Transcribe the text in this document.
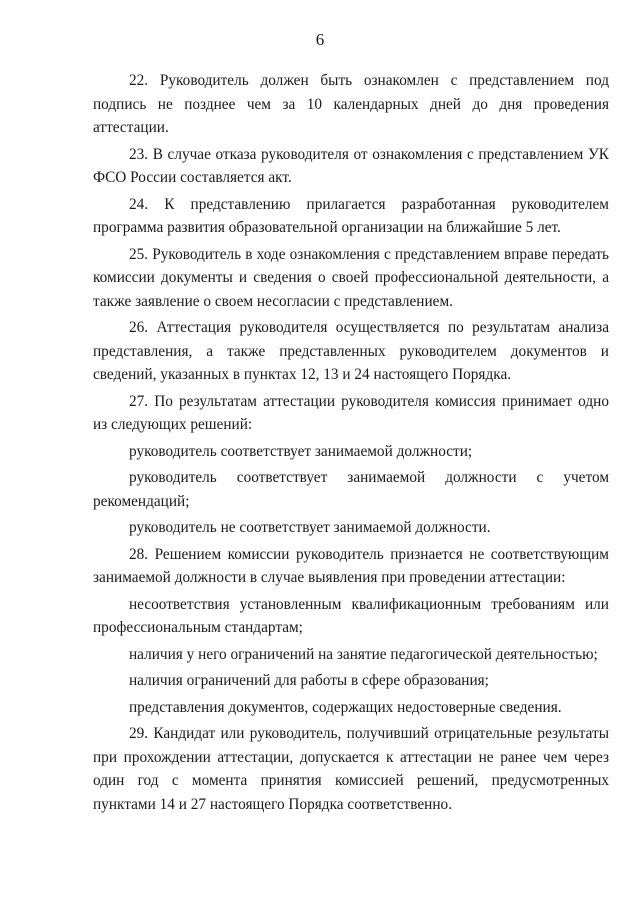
6

22. Руководитель должен быть ознакомлен с представлением под подпись не позднее чем за 10 календарных дней до дня проведения аттестации.

23. В случае отказа руководителя от ознакомления с представлением УК ФСО России составляется акт.

24. К представлению прилагается разработанная руководителем программа развития образовательной организации на ближайшие 5 лет.

25. Руководитель в ходе ознакомления с представлением вправе передать комиссии документы и сведения о своей профессиональной деятельности, а также заявление о своем несогласии с представлением.

26. Аттестация руководителя осуществляется по результатам анализа представления, а также представленных руководителем документов и сведений, указанных в пунктах 12, 13 и 24 настоящего Порядка.

27. По результатам аттестации руководителя комиссия принимает одно из следующих решений:

руководитель соответствует занимаемой должности;

руководитель соответствует занимаемой должности с учетом рекомендаций;

руководитель не соответствует занимаемой должности.

28. Решением комиссии руководитель признается не соответствующим занимаемой должности в случае выявления при проведении аттестации:

несоответствия установленным квалификационным требованиям или профессиональным стандартам;

наличия у него ограничений на занятие педагогической деятельностью;

наличия ограничений для работы в сфере образования;

представления документов, содержащих недостоверные сведения.

29. Кандидат или руководитель, получивший отрицательные результаты при прохождении аттестации, допускается к аттестации не ранее чем через один год с момента принятия комиссией решений, предусмотренных пунктами 14 и 27 настоящего Порядка соответственно.
